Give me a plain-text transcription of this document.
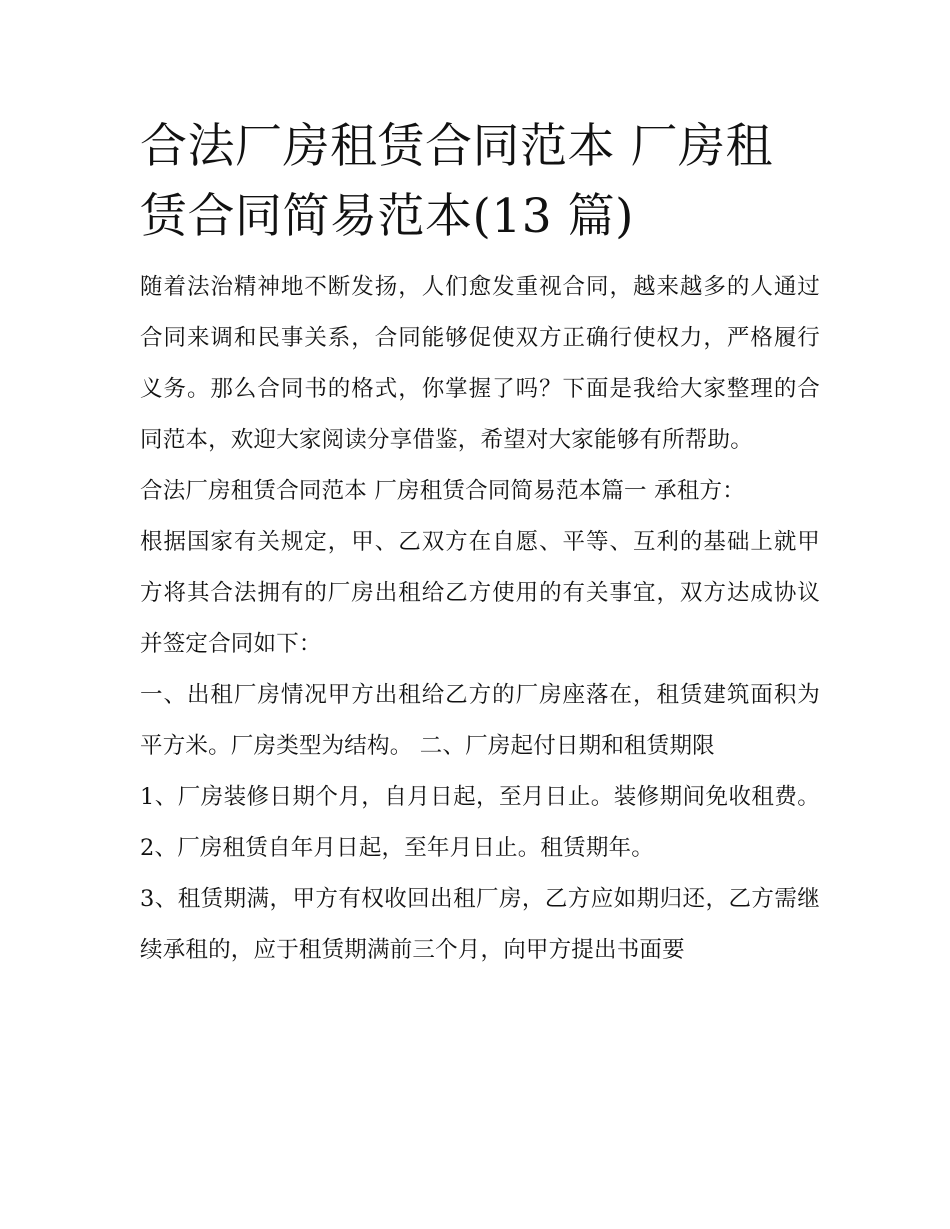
合法厂房租赁合同范本 厂房租赁合同简易范本(13 篇)

随着法治精神地不断发扬，人们愈发重视合同，越来越多的人通过合同来调和民事关系，合同能够促使双方正确行使权力，严格履行义务。那么合同书的格式，你掌握了吗？下面是我给大家整理的合同范本，欢迎大家阅读分享借鉴，希望对大家能够有所帮助。

合法厂房租赁合同范本 厂房租赁合同简易范本篇一 承租方：

根据国家有关规定，甲、乙双方在自愿、平等、互利的基础上就甲方将其合法拥有的厂房出租给乙方使用的有关事宜，双方达成协议并签定合同如下：

一、出租厂房情况甲方出租给乙方的厂房座落在，租赁建筑面积为平方米。厂房类型为结构。 二、厂房起付日期和租赁期限

1、厂房装修日期个月，自月日起，至月日止。装修期间免收租费。 2、厂房租赁自年月日起，至年月日止。租赁期年。

3、租赁期满，甲方有权收回出租厂房，乙方应如期归还，乙方需继续承租的，应于租赁期满前三个月，向甲方提出书面要
